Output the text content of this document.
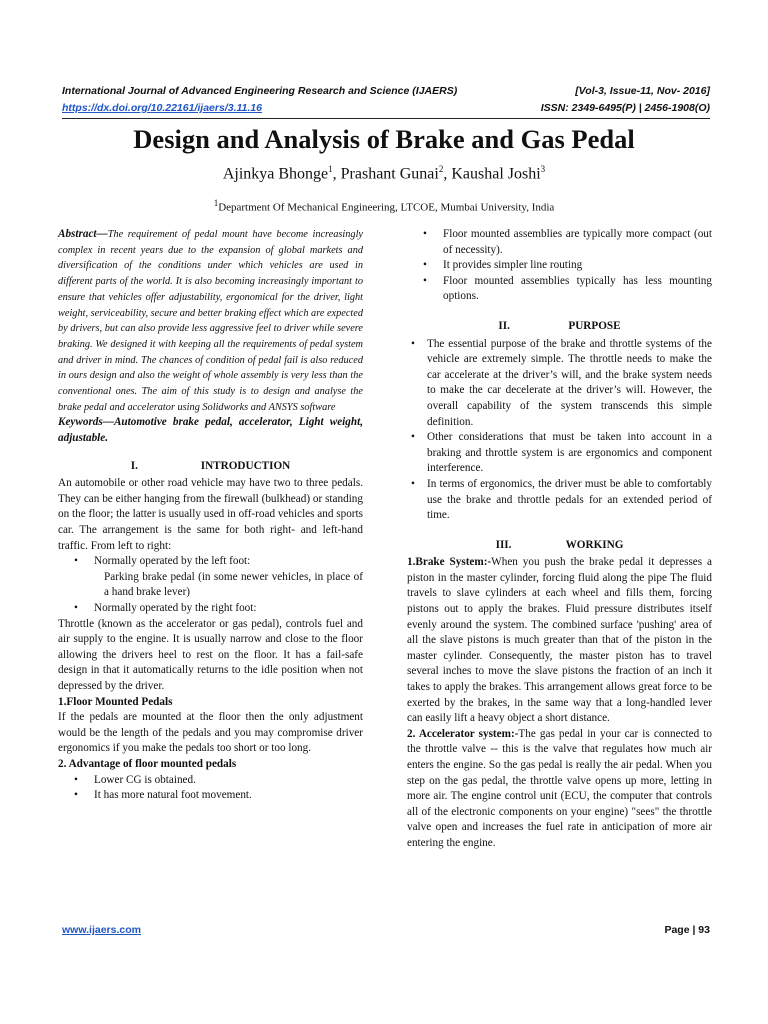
International Journal of Advanced Engineering Research and Science (IJAERS)	[Vol-3, Issue-11, Nov- 2016]
https://dx.doi.org/10.22161/ijaers/3.11.16	ISSN: 2349-6495(P) | 2456-1908(O)
Design and Analysis of Brake and Gas Pedal
Ajinkya Bhonge$^1$, Prashant Gunai$^2$, Kaushal Joshi$^3$
$^1$Department Of Mechanical Engineering, LTCOE, Mumbai University, India

Abstract—The requirement of pedal mount have become increasingly complex in recent years due to the expansion of global markets and diversification of the conditions under which vehicles are used in different parts of the world. It is also becoming increasingly important to ensure that vehicles offer adjustability, ergonomical for the driver, light weight, serviceability, secure and better braking effect which are expected by drivers, but can also provide less aggressive feel to driver while severe braking. We designed it with keeping all the requirements of pedal system and driver in mind. The chances of condition of pedal fail is also reduced in ours design and also the weight of whole assembly is very less than the conventional ones. The aim of this study is to design and analyse the brake pedal and accelerator using Solidworks and ANSYS software

Keywords—Automotive brake pedal, accelerator, Light weight, adjustable.

I.	INTRODUCTION

An automobile or other road vehicle may have two to three pedals. They can be either hanging from the firewall (bulkhead) or standing on the floor; the latter is usually used in off-road vehicles and sports car. The arrangement is the same for both right- and left-hand traffic. From left to right:

• Normally operated by the left foot:

Parking brake pedal (in some newer vehicles, in place of a hand brake lever)

• Normally operated by the right foot:

Throttle (known as the accelerator or gas pedal), controls fuel and air supply to the engine. It is usually narrow and close to the floor allowing the drivers heel to rest on the floor. It has a fail-safe design in that it automatically returns to the idle position when not depressed by the driver.

1.Floor Mounted Pedals

If the pedals are mounted at the floor then the only adjustment would be the length of the pedals and you may compromise driver ergonomics if you make the pedals too short or too long.

2. Advantage of floor mounted pedals

• Lower CG is obtained.
• It has more natural foot movement.
• Floor mounted assemblies are typically more compact (out of necessity).
• It provides simpler line routing
• Floor mounted assemblies typically has less mounting options.

II.	PURPOSE

• The essential purpose of the brake and throttle systems of the vehicle are extremely simple. The throttle needs to make the car accelerate at the driver’s will, and the brake system needs to make the car decelerate at the driver’s will. However, the overall capability of the system transcends this simple definition.
• Other considerations that must be taken into account in a braking and throttle system is are ergonomics and component interference.
• In terms of ergonomics, the driver must be able to comfortably use the brake and throttle pedals for an extended period of time.

III.	WORKING

1.Brake System:-When you push the brake pedal it depresses a piston in the master cylinder, forcing fluid along the pipe The fluid travels to slave cylinders at each wheel and fills them, forcing pistons out to apply the brakes. Fluid pressure distributes itself evenly around the system. The combined surface 'pushing' area of all the slave pistons is much greater than that of the piston in the master cylinder. Consequently, the master piston has to travel several inches to move the slave pistons the fraction of an inch it takes to apply the brakes. This arrangement allows great force to be exerted by the brakes, in the same way that a long-handled lever can easily lift a heavy object a short distance.

2. Accelerator system:-The gas pedal in your car is connected to the throttle valve -- this is the valve that regulates how much air enters the engine. So the gas pedal is really the air pedal. When you step on the gas pedal, the throttle valve opens up more, letting in more air. The engine control unit (ECU, the computer that controls all of the electronic components on your engine) "sees" the throttle valve open and increases the fuel rate in anticipation of more air entering the engine.

www.ijaers.com	Page | 93
